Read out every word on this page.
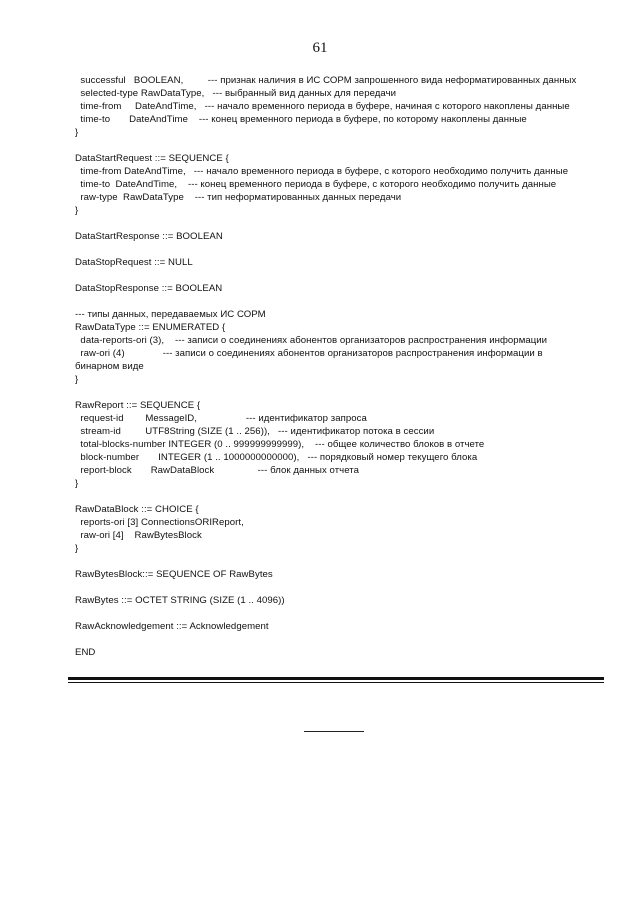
61
successful   BOOLEAN,         --- признак наличия в ИС СОРМ запрошенного вида неформатированных данных
selected-type RawDataType,   --- выбранный вид данных для передачи
time-from     DateAndTime,   --- начало временного периода в буфере, начиная с которого накоплены данные
time-to       DateAndTime    --- конец временного периода в буфере, по которому накоплены данные
}
DataStartRequest ::= SEQUENCE {
time-from DateAndTime,   --- начало временного периода в буфере, с которого необходимо получить данные
time-to  DateAndTime,    --- конец временного периода в буфере, с которого необходимо получить данные
raw-type  RawDataType    --- тип неформатированных данных передачи
}
DataStartResponse ::= BOOLEAN
DataStopRequest ::= NULL
DataStopResponse ::= BOOLEAN
--- типы данных, передаваемых ИС СОРМ
RawDataType ::= ENUMERATED {
data-reports-ori (3),    --- записи о соединениях абонентов организаторов распространения информации
raw-ori (4)              --- записи о соединениях абонентов организаторов распространения информации в
бинарном виде
}
RawReport ::= SEQUENCE {
request-id        MessageID,                  --- идентификатор запроса
stream-id         UTF8String (SIZE (1 .. 256)),   --- идентификатор потока в сессии
total-blocks-number INTEGER (0 .. 999999999999),    --- общее количество блоков в отчете
block-number       INTEGER (1 .. 1000000000000),   --- порядковый номер текущего блока
report-block       RawDataBlock                --- блок данных отчета
}
RawDataBlock ::= CHOICE {
reports-ori [3] ConnectionsORIReport,
raw-ori [4]    RawBytesBlock
}
RawBytesBlock::= SEQUENCE OF RawBytes
RawBytes ::= OCTET STRING (SIZE (1 .. 4096))
RawAcknowledgement ::= Acknowledgement
END
